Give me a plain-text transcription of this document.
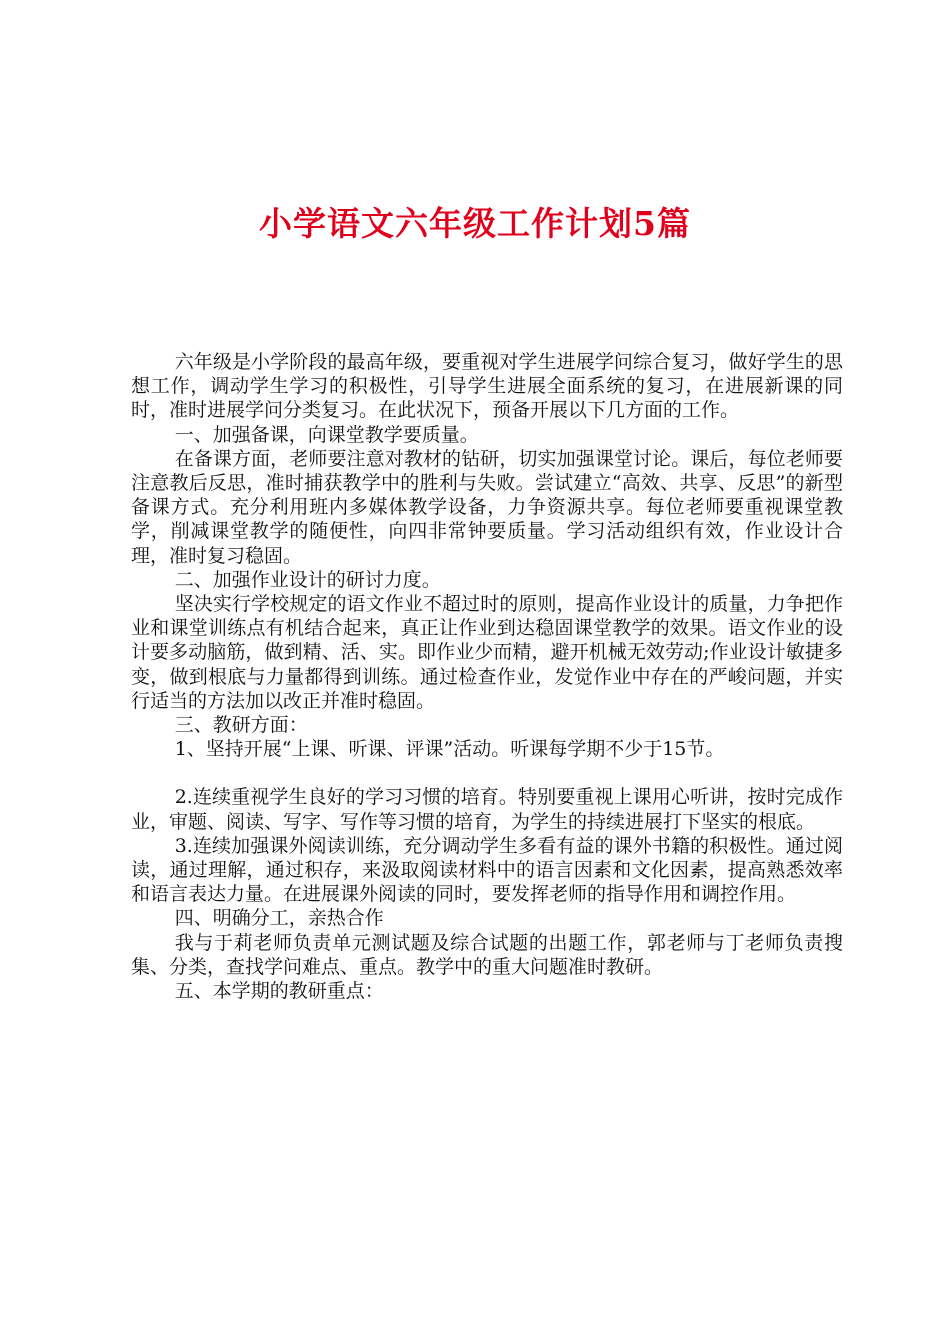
小学语文六年级工作计划5篇

六年级是小学阶段的最高年级，要重视对学生进展学问综合复习，做好学生的思想工作，调动学生学习的积极性，引导学生进展全面系统的复习，在进展新课的同时，准时进展学问分类复习。在此状况下，预备开展以下几方面的工作。

一、加强备课，向课堂教学要质量。

在备课方面，老师要注意对教材的钻研，切实加强课堂讨论。课后，每位老师要注意教后反思，准时捕获教学中的胜利与失败。尝试建立“高效、共享、反思”的新型备课方式。充分利用班内多媒体教学设备，力争资源共享。每位老师要重视课堂教学，削减课堂教学的随便性，向四非常钟要质量。学习活动组织有效，作业设计合理，准时复习稳固。

二、加强作业设计的研讨力度。

坚决实行学校规定的语文作业不超过时的原则，提高作业设计的质量，力争把作业和课堂训练点有机结合起来，真正让作业到达稳固课堂教学的效果。语文作业的设计要多动脑筋，做到精、活、实。即作业少而精，避开机械无效劳动;作业设计敏捷多变，做到根底与力量都得到训练。通过检查作业，发觉作业中存在的严峻问题，并实行适当的方法加以改正并准时稳固。

三、教研方面：

1、坚持开展“上课、听课、评课”活动。听课每学期不少于15节。

2.连续重视学生良好的学习习惯的培育。特别要重视上课用心听讲，按时完成作业，审题、阅读、写字、写作等习惯的培育，为学生的持续进展打下坚实的根底。

3.连续加强课外阅读训练，充分调动学生多看有益的课外书籍的积极性。通过阅读，通过理解，通过积存，来汲取阅读材料中的语言因素和文化因素，提高熟悉效率和语言表达力量。在进展课外阅读的同时，要发挥老师的指导作用和调控作用。

四、明确分工，亲热合作

我与于莉老师负责单元测试题及综合试题的出题工作，郭老师与丁老师负责搜集、分类，查找学问难点、重点。教学中的重大问题准时教研。

五、本学期的教研重点：
